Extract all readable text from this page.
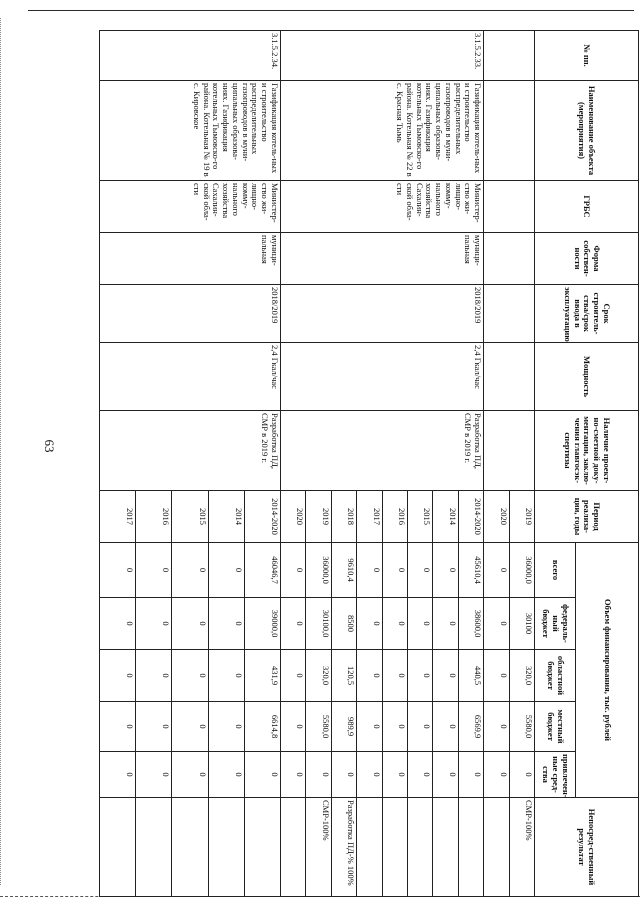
63
№ пп.	Наименование объекта (мероприятия)	ГРБС	Форма собствен-ности	Срок строитель-ства/срок ввода в эксплуатацию	Мощность	Наличие проект-но-сметной доку-ментации, заклю-чения главгосэк-спертизы	Период реализа-ции, годы	Объем финансирования, тыс. рублей					Непосред-ственный результат
								всего	федераль-ный бюджет	областной бюджет	местный бюджет	привлечен-ные сред-ства	
							2019	36000,0	30100	320,0	5580,0	0	СМР-100%
							2020	0	0	0	0	0	
3.1.5.2.33.	Газификация котель-ных и строительство распределительных газопроводов в муни-ципальных образова-ниях. Газификация котельных Тымовско-го района. Котельная № 22 в с. Красная Тымь	Министер-ство жи-лищно-комму-нального хозяйства Сахалин-ской обла-сти	муници-пальная	2018/2019	2,4 Гкал/час	Разработка ПД, СМР в 2019 г.	2014-2020	45610,4	38600,0	440,5	6569,9	0	
							2014	0	0	0	0	0	
							2015	0	0	0	0	0	
							2016	0	0	0	0	0	
							2017	0	0	0	0	0	
							2018	9610,4	8500	120,5	989,9	0	Разработка ПД-% 100%
							2019	36000,0	30100,0	320,0	5580,0	0	СМР-100%
							2020	0	0	0	0	0	
3.1.5.2.34.	Газификация котель-ных и строительство распределительных газопроводов в муни-ципальных образова-ниях. Газификация котельных Тымовско-го района. Котельная № 19 в с. Кировское	Министер-ство жи-лищно-комму-нального хозяйства Сахалин-ской обла-сти	муници-пальная	2018/2019	2,4 Гкал/час	Разработка ПД, СМР в 2019 г.	2014-2020	46046,7	39000,0	431,9	6614,8	0	
							2014	0	0	0	0	0	
							2015	0	0	0	0	0	
							2016	0	0	0	0	0	
							2017	0	0	0	0	0	
